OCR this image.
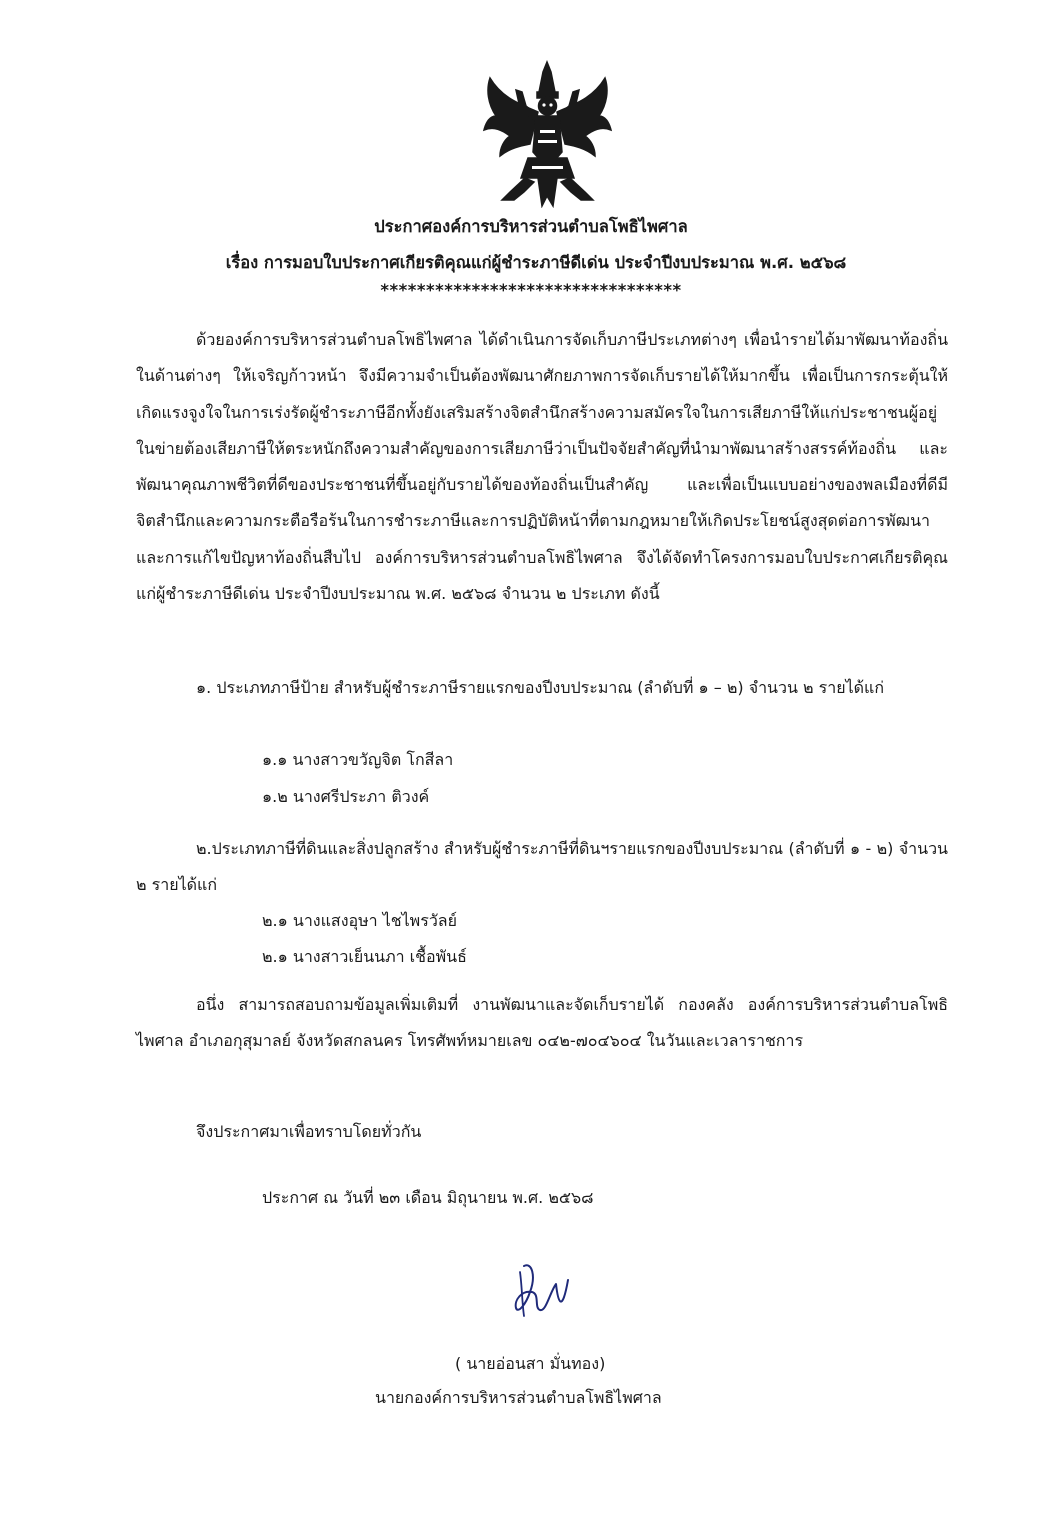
ประกาศองค์การบริหารส่วนตำบลโพธิไพศาล
เรื่อง การมอบใบประกาศเกียรติคุณแก่ผู้ชำระภาษีดีเด่น ประจำปีงบประมาณ พ.ศ. ๒๕๖๘
*********************************
ด้วยองค์การบริหารส่วนตำบลโพธิไพศาล ได้ดำเนินการจัดเก็บภาษีประเภทต่างๆ เพื่อนำรายได้มาพัฒนาท้องถิ่นในด้านต่างๆ ให้เจริญก้าวหน้า จึงมีความจำเป็นต้องพัฒนาศักยภาพการจัดเก็บรายได้ให้มากขึ้น เพื่อเป็นการกระตุ้นให้เกิดแรงจูงใจในการเร่งรัดผู้ชำระภาษีอีกทั้งยังเสริมสร้างจิตสำนึกสร้างความสมัครใจในการเสียภาษีให้แก่ประชาชนผู้อยู่ในข่ายต้องเสียภาษีให้ตระหนักถึงความสำคัญของการเสียภาษีว่าเป็นปัจจัยสำคัญที่นำมาพัฒนาสร้างสรรค์ท้องถิ่น และพัฒนาคุณภาพชีวิตที่ดีของประชาชนที่ขึ้นอยู่กับรายได้ของท้องถิ่นเป็นสำคัญ และเพื่อเป็นแบบอย่างของพลเมืองที่ดีมีจิตสำนึกและความกระตือรือร้นในการชำระภาษีและการปฏิบัติหน้าที่ตามกฎหมายให้เกิดประโยชน์สูงสุดต่อการพัฒนาและการแก้ไขปัญหาท้องถิ่นสืบไป องค์การบริหารส่วนตำบลโพธิไพศาล จึงได้จัดทำโครงการมอบใบประกาศเกียรติคุณแก่ผู้ชำระภาษีดีเด่น ประจำปีงบประมาณ พ.ศ. ๒๕๖๘ จำนวน ๒ ประเภท ดังนี้
๑. ประเภทภาษีป้าย สำหรับผู้ชำระภาษีรายแรกของปีงบประมาณ (ลำดับที่ ๑ – ๒) จำนวน ๒ รายได้แก่
๑.๑ นางสาวขวัญจิต โกสีลา
๑.๒ นางศรีประภา ติวงค์
๒.ประเภทภาษีที่ดินและสิ่งปลูกสร้าง สำหรับผู้ชำระภาษีที่ดินฯรายแรกของปีงบประมาณ (ลำดับที่ ๑ - ๒) จำนวน ๒ รายได้แก่
๒.๑ นางแสงอุษา ไชไพรวัลย์
๒.๑ นางสาวเย็นนภา เชื้อพันธ์
อนึ่ง สามารถสอบถามข้อมูลเพิ่มเติมที่ งานพัฒนาและจัดเก็บรายได้ กองคลัง องค์การบริหารส่วนตำบลโพธิไพศาล อำเภอกุสุมาลย์ จังหวัดสกลนคร โทรศัพท์หมายเลข ๐๔๒-๗๐๔๖๐๔ ในวันและเวลาราชการ
จึงประกาศมาเพื่อทราบโดยทั่วกัน
ประกาศ ณ วันที่ ๒๓ เดือน มิถุนายน พ.ศ. ๒๕๖๘
( นายอ่อนสา มั่นทอง)
นายกองค์การบริหารส่วนตำบลโพธิไพศาล
